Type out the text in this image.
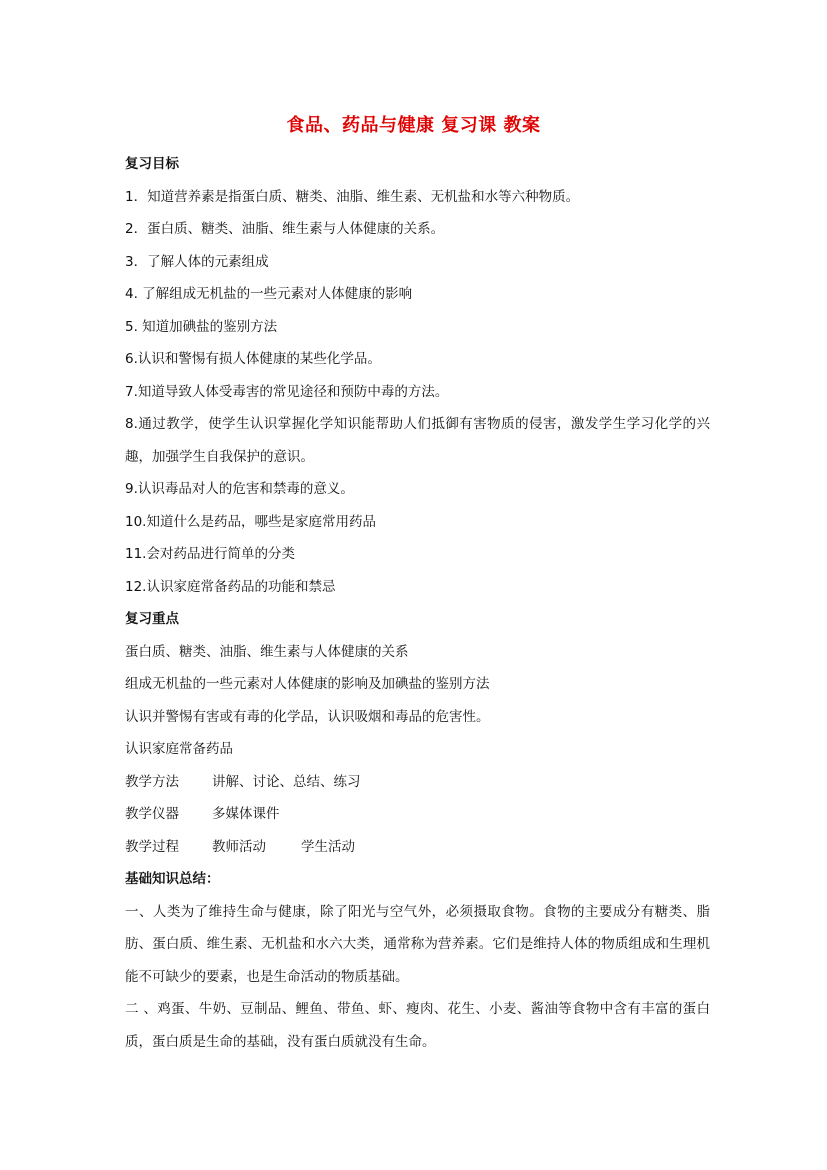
食品、药品与健康 复习课 教案
复习目标
1．知道营养素是指蛋白质、糖类、油脂、维生素、无机盐和水等六种物质。
2．蛋白质、糖类、油脂、维生素与人体健康的关系。
3．了解人体的元素组成
4. 了解组成无机盐的一些元素对人体健康的影响
5. 知道加碘盐的鉴别方法
6.认识和警惕有损人体健康的某些化学品。
7.知道导致人体受毒害的常见途径和预防中毒的方法。
8.通过教学，使学生认识掌握化学知识能帮助人们抵御有害物质的侵害，激发学生学习化学的兴趣，加强学生自我保护的意识。
9.认识毒品对人的危害和禁毒的意义。
10.知道什么是药品，哪些是家庭常用药品
11.会对药品进行简单的分类
12.认识家庭常备药品的功能和禁忌
复习重点
蛋白质、糖类、油脂、维生素与人体健康的关系
组成无机盐的一些元素对人体健康的影响及加碘盐的鉴别方法
认识并警惕有害或有毒的化学品，认识吸烟和毒品的危害性。
认识家庭常备药品
教学方法	讲解、讨论、总结、练习
教学仪器	多媒体课件
教学过程	教师活动	学生活动
基础知识总结：
一、人类为了维持生命与健康，除了阳光与空气外，必须摄取食物。食物的主要成分有糖类、脂肪、蛋白质、维生素、无机盐和水六大类，通常称为营养素。它们是维持人体的物质组成和生理机能不可缺少的要素，也是生命活动的物质基础。
二 、鸡蛋、牛奶、豆制品、鲤鱼、带鱼、虾、瘦肉、花生、小麦、酱油等食物中含有丰富的蛋白质，蛋白质是生命的基础，没有蛋白质就没有生命。
